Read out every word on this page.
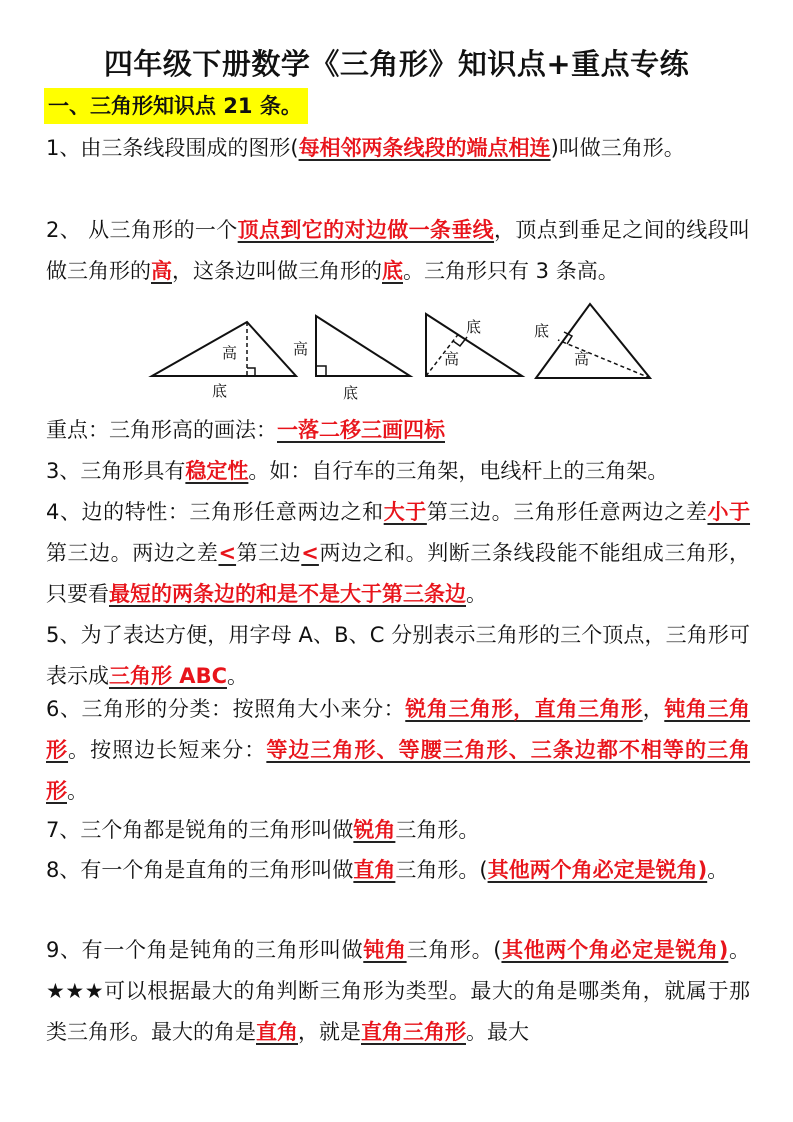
四年级下册数学《三角形》知识点+重点专练
一、三角形知识点 21 条。
1、由三条线段围成的图形(每相邻两条线段的端点相连)叫做三角形。
2、 从三角形的一个顶点到它的对边做一条垂线，顶点到垂足之间的线段叫做三角形的高，这条边叫做三角形的底。三角形只有 3 条高。
高
底
高
底
底
高
底
高
重点：三角形高的画法：一落二移三画四标
3、三角形具有稳定性。如：自行车的三角架，电线杆上的三角架。
4、边的特性：三角形任意两边之和大于第三边。三角形任意两边之差小于第三边。两边之差<第三边<两边之和。判断三条线段能不能组成三角形，只要看最短的两条边的和是不是大于第三条边。
5、为了表达方便，用字母 A、B、C 分别表示三角形的三个顶点，三角形可表示成三角形 ABC。
6、三角形的分类：按照角大小来分：锐角三角形，直角三角形，钝角三角形。按照边长短来分：等边三角形、等腰三角形、三条边都不相等的三角形。
7、三个角都是锐角的三角形叫做锐角三角形。
8、有一个角是直角的三角形叫做直角三角形。(其他两个角必定是锐角)。
9、有一个角是钝角的三角形叫做钝角三角形。(其他两个角必定是锐角)。★★★可以根据最大的角判断三角形为类型。最大的角是哪类角，就属于那类三角形。最大的角是直角，就是直角三角形。最大
